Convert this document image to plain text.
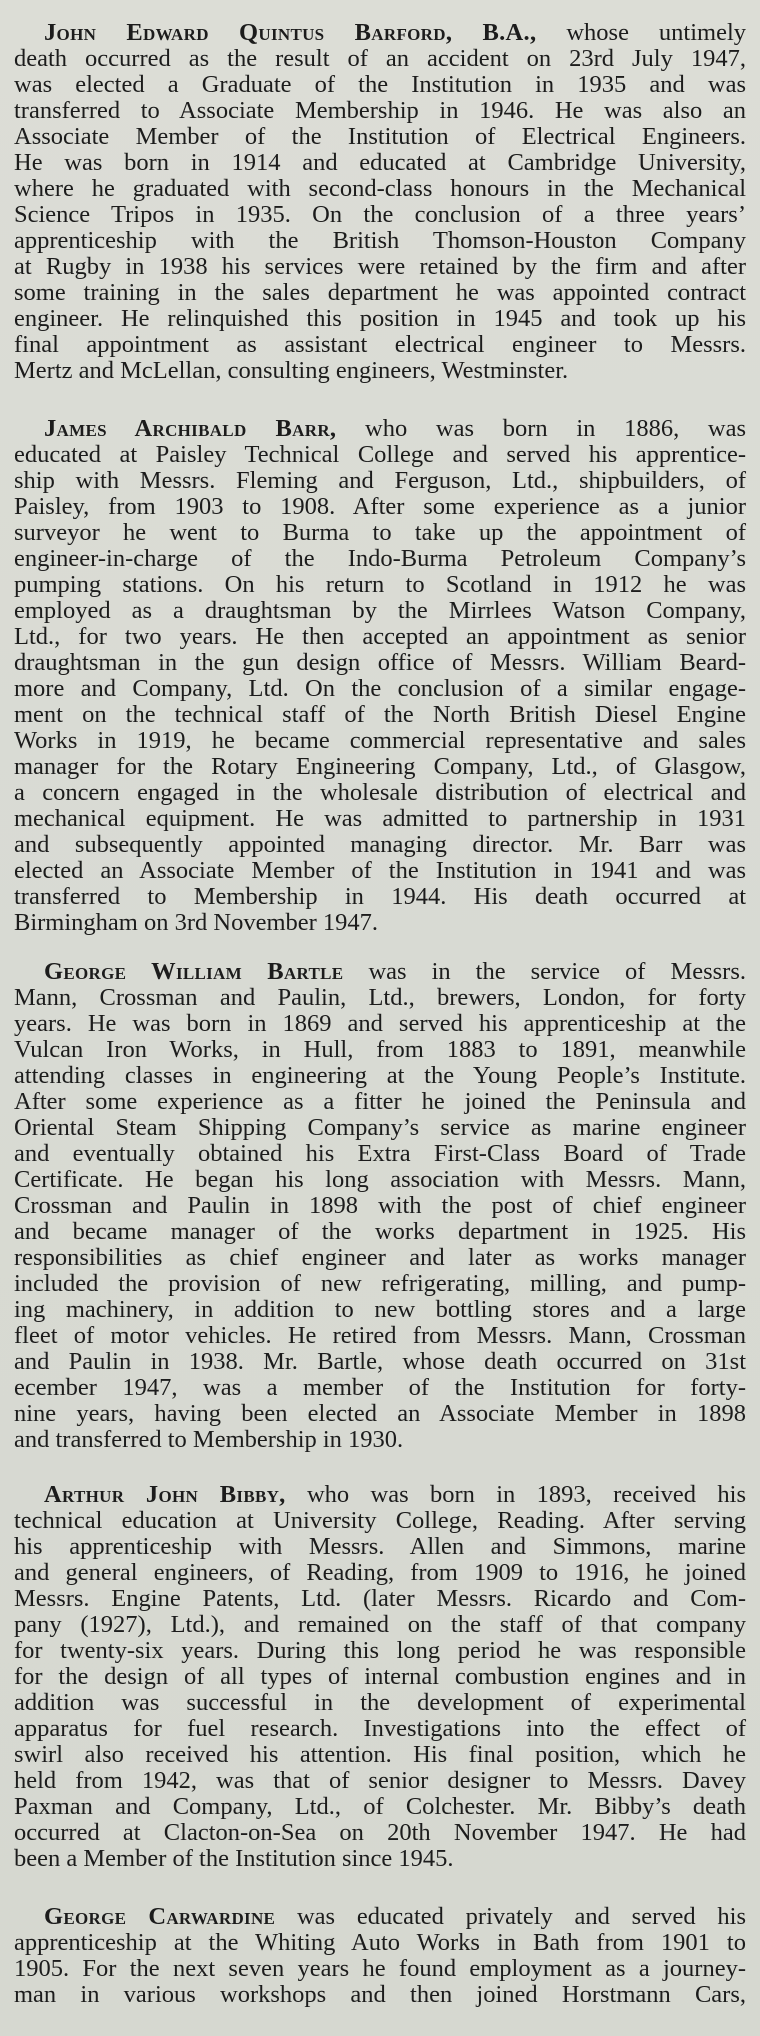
John Edward Quintus Barford, B.A., whose untimely
death occurred as the result of an accident on 23rd July 1947,
was elected a Graduate of the Institution in 1935 and was
transferred to Associate Membership in 1946. He was also an
Associate Member of the Institution of Electrical Engineers.
He was born in 1914 and educated at Cambridge University,
where he graduated with second-class honours in the Mechanical
Science Tripos in 1935. On the conclusion of a three years’
apprenticeship with the British Thomson-Houston Company
at Rugby in 1938 his services were retained by the firm and after
some training in the sales department he was appointed contract
engineer. He relinquished this position in 1945 and took up his
final appointment as assistant electrical engineer to Messrs.
Mertz and McLellan, consulting engineers, Westminster.
James Archibald Barr, who was born in 1886, was
educated at Paisley Technical College and served his apprentice-
ship with Messrs. Fleming and Ferguson, Ltd., shipbuilders, of
Paisley, from 1903 to 1908. After some experience as a junior
surveyor he went to Burma to take up the appointment of
engineer-in-charge of the Indo-Burma Petroleum Company’s
pumping stations. On his return to Scotland in 1912 he was
employed as a draughtsman by the Mirrlees Watson Company,
Ltd., for two years. He then accepted an appointment as senior
draughtsman in the gun design office of Messrs. William Beard-
more and Company, Ltd. On the conclusion of a similar engage-
ment on the technical staff of the North British Diesel Engine
Works in 1919, he became commercial representative and sales
manager for the Rotary Engineering Company, Ltd., of Glasgow,
a concern engaged in the wholesale distribution of electrical and
mechanical equipment. He was admitted to partnership in 1931
and subsequently appointed managing director. Mr. Barr was
elected an Associate Member of the Institution in 1941 and was
transferred to Membership in 1944. His death occurred at
Birmingham on 3rd November 1947.
George William Bartle was in the service of Messrs.
Mann, Crossman and Paulin, Ltd., brewers, London, for forty
years. He was born in 1869 and served his apprenticeship at the
Vulcan Iron Works, in Hull, from 1883 to 1891, meanwhile
attending classes in engineering at the Young People’s Institute.
After some experience as a fitter he joined the Peninsula and
Oriental Steam Shipping Company’s service as marine engineer
and eventually obtained his Extra First-Class Board of Trade
Certificate. He began his long association with Messrs. Mann,
Crossman and Paulin in 1898 with the post of chief engineer
and became manager of the works department in 1925. His
responsibilities as chief engineer and later as works manager
included the provision of new refrigerating, milling, and pump-
ing machinery, in addition to new bottling stores and a large
fleet of motor vehicles. He retired from Messrs. Mann, Crossman
and Paulin in 1938. Mr. Bartle, whose death occurred on 31st
ecember 1947, was a member of the Institution for forty-
nine years, having been elected an Associate Member in 1898
and transferred to Membership in 1930.
Arthur John Bibby, who was born in 1893, received his
technical education at University College, Reading. After serving
his apprenticeship with Messrs. Allen and Simmons, marine
and general engineers, of Reading, from 1909 to 1916, he joined
Messrs. Engine Patents, Ltd. (later Messrs. Ricardo and Com-
pany (1927), Ltd.), and remained on the staff of that company
for twenty-six years. During this long period he was responsible
for the design of all types of internal combustion engines and in
addition was successful in the development of experimental
apparatus for fuel research. Investigations into the effect of
swirl also received his attention. His final position, which he
held from 1942, was that of senior designer to Messrs. Davey
Paxman and Company, Ltd., of Colchester. Mr. Bibby’s death
occurred at Clacton-on-Sea on 20th November 1947. He had
been a Member of the Institution since 1945.
George Carwardine was educated privately and served his
apprenticeship at the Whiting Auto Works in Bath from 1901 to
1905. For the next seven years he found employment as a journey-
man in various workshops and then joined Horstmann Cars,
